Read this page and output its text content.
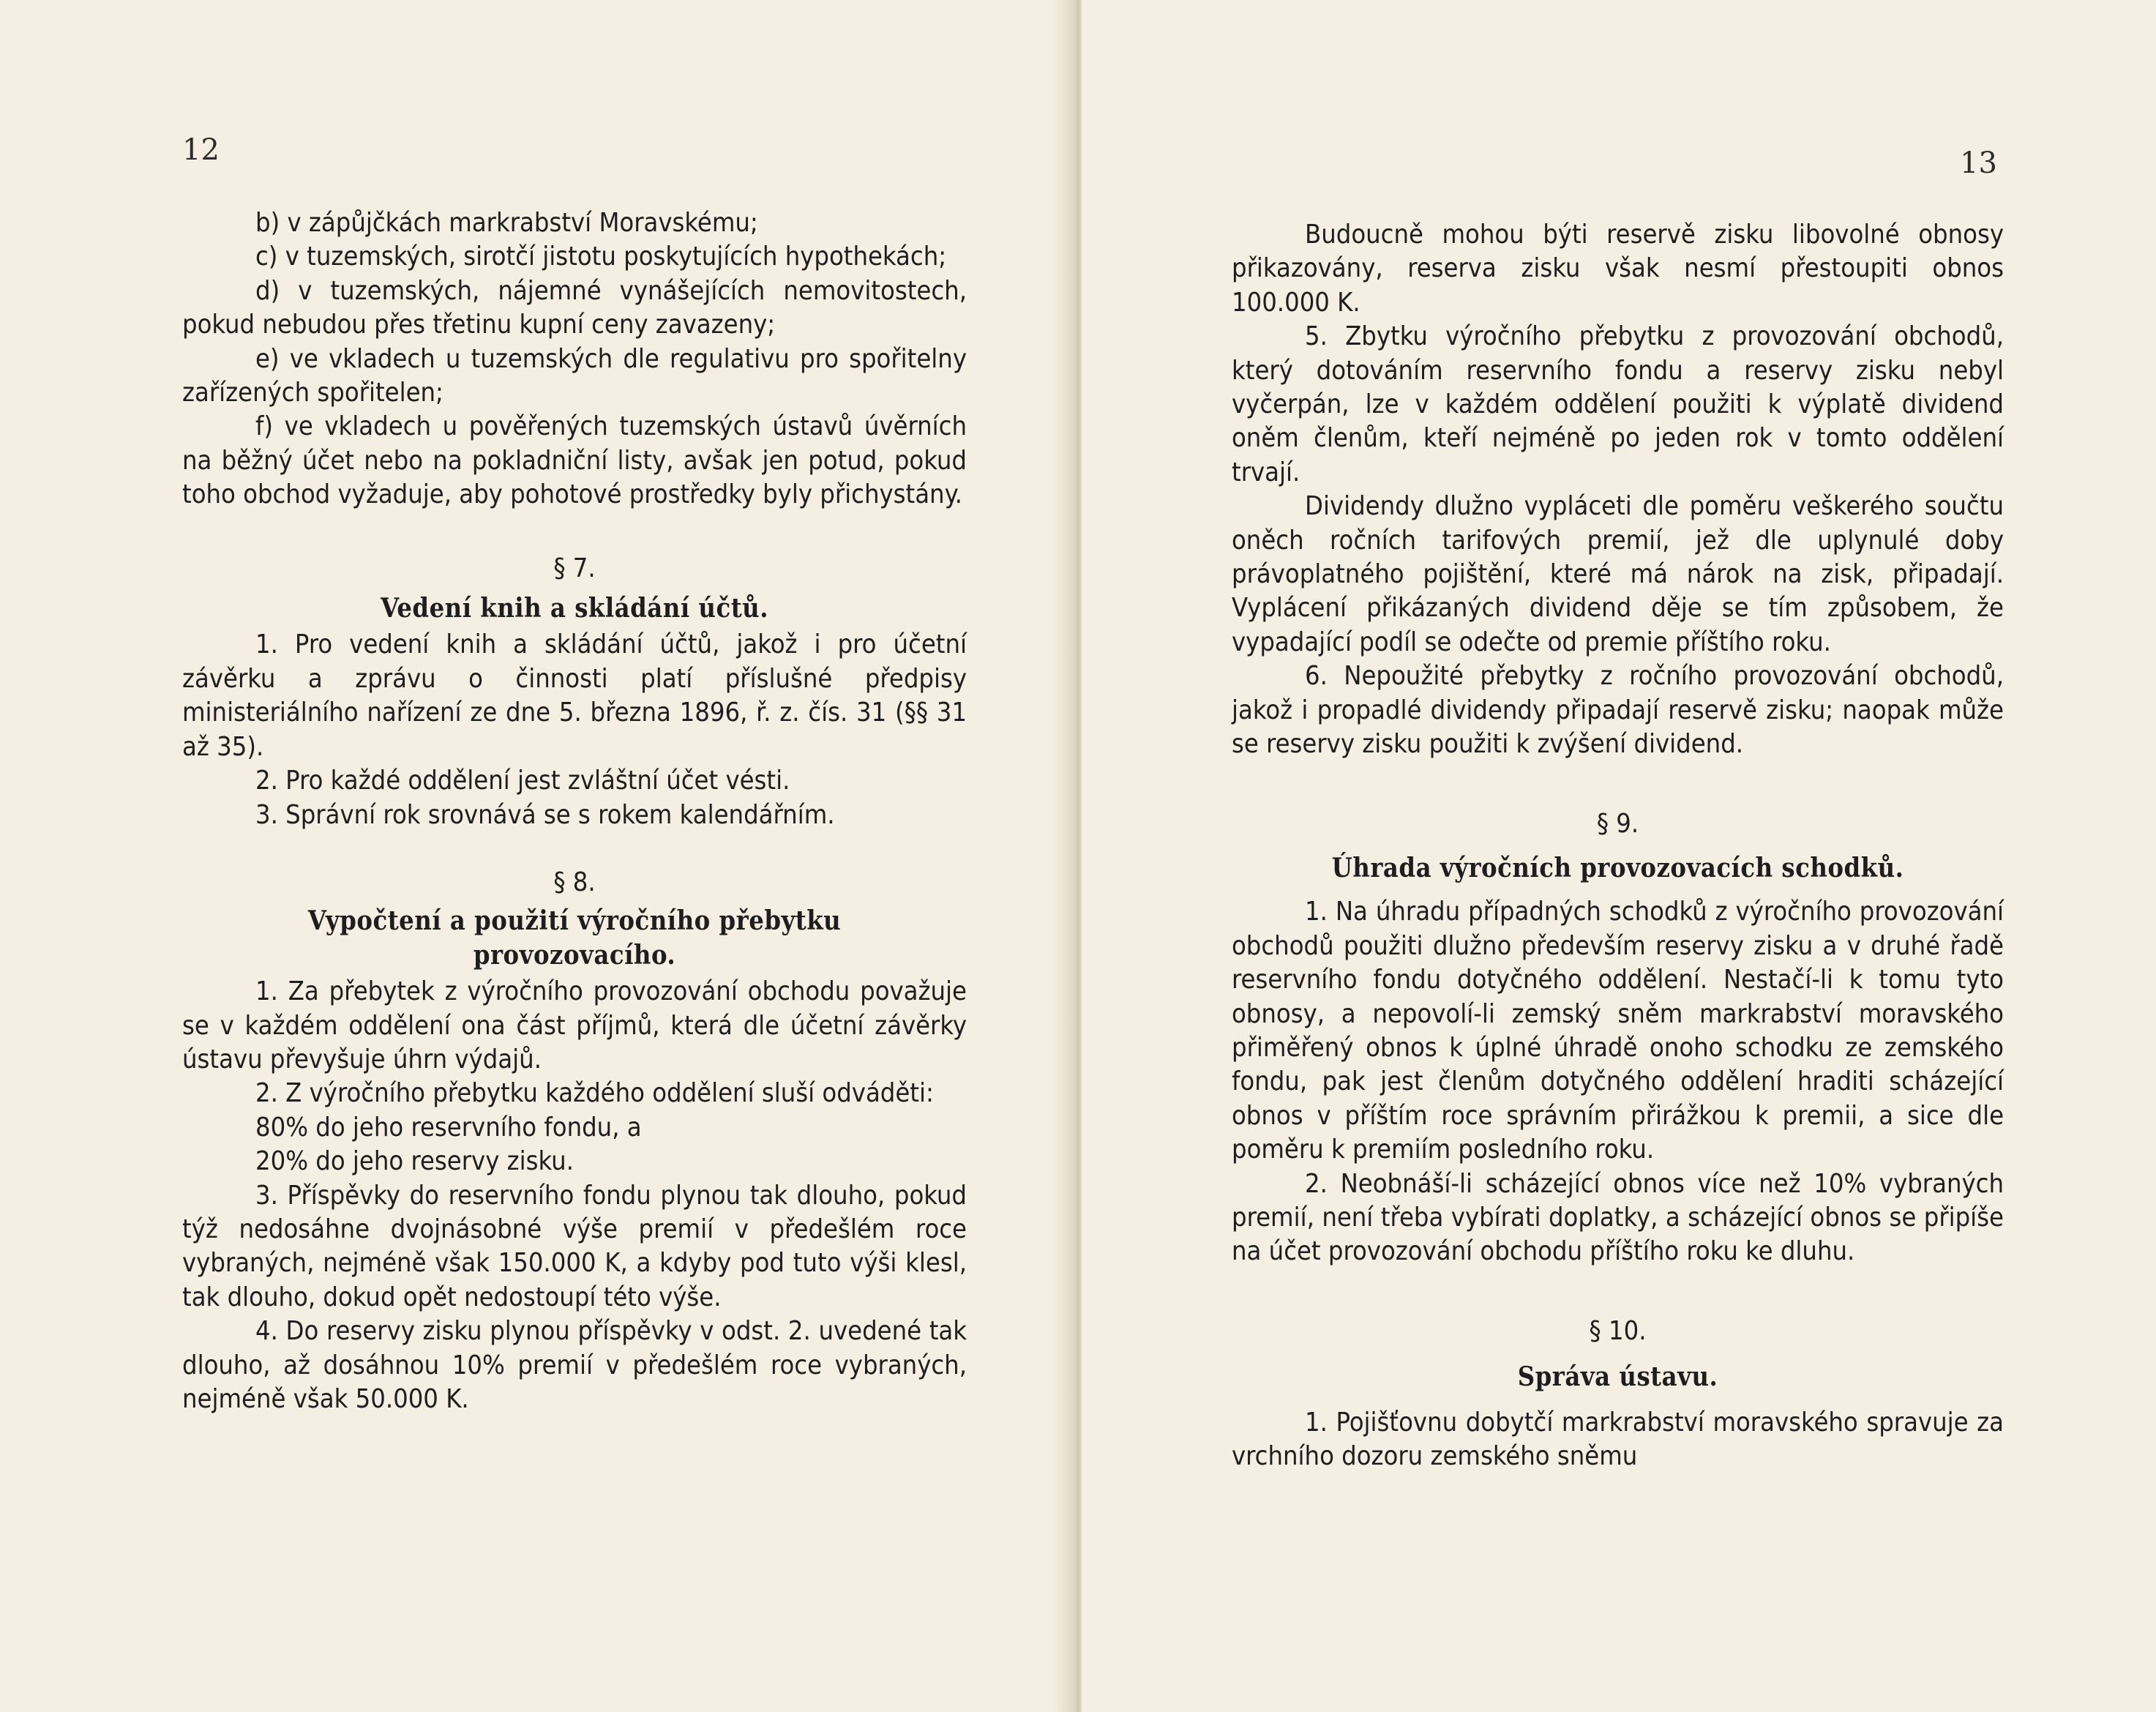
12

b) v zápůjčkách markrabství Moravskému;

c) v tuzemských, sirotčí jistotu poskytujících hypothekách;

d) v tuzemských, nájemné vynášejících nemovitostech, pokud nebudou přes třetinu kupní ceny zavazeny;

e) ve vkladech u tuzemských dle regulativu pro spořitelny zařízených spořitelen;

f) ve vkladech u pověřených tuzemských ústavů úvěrních na běžný účet nebo na pokladniční listy, avšak jen potud, pokud toho obchod vyžaduje, aby pohotové prostředky byly přichystány.

§ 7.

Vedení knih a skládání účtů.

1. Pro vedení knih a skládání účtů, jakož i pro účetní závěrku a zprávu o činnosti platí příslušné předpisy ministeriálního nařízení ze dne 5. března 1896, ř. z. čís. 31 (§§ 31 až 35).

2. Pro každé oddělení jest zvláštní účet vésti.

3. Správní rok srovnává se s rokem kalendářním.

§ 8.

Vypočtení a použití výročního přebytku provozovacího.

1. Za přebytek z výročního provozování obchodu považuje se v každém oddělení ona část příjmů, která dle účetní závěrky ústavu převyšuje úhrn výdajů.

2. Z výročního přebytku každého oddělení sluší odváděti:

80% do jeho reservního fondu, a

20% do jeho reservy zisku.

3. Příspěvky do reservního fondu plynou tak dlouho, pokud týž nedosáhne dvojnásobné výše premií v předešlém roce vybraných, nejméně však 150.000 K, a kdyby pod tuto výši klesl, tak dlouho, dokud opět nedostoupí této výše.

4. Do reservy zisku plynou příspěvky v odst. 2. uvedené tak dlouho, až dosáhnou 10% premií v předešlém roce vybraných, nejméně však 50.000 K.

13

Budoucně mohou býti reservě zisku libovolné obnosy přikazovány, reserva zisku však nesmí přestoupiti obnos 100.000 K.

5. Zbytku výročního přebytku z provozování obchodů, který dotováním reservního fondu a reservy zisku nebyl vyčerpán, lze v každém oddělení použiti k výplatě dividend oněm členům, kteří nejméně po jeden rok v tomto oddělení trvají.

Dividendy dlužno vypláceti dle poměru veškerého součtu oněch ročních tarifových premií, jež dle uplynulé doby právoplatného pojištění, které má nárok na zisk, připadají. Vyplácení přikázaných dividend děje se tím způsobem, že vypadající podíl se odečte od premie příštího roku.

6. Nepoužité přebytky z ročního provozování obchodů, jakož i propadlé dividendy připadají reservě zisku; naopak může se reservy zisku použiti k zvýšení dividend.

§ 9.

Úhrada výročních provozovacích schodků.

1. Na úhradu případných schodků z výročního provozování obchodů použiti dlužno především reservy zisku a v druhé řadě reservního fondu dotyčného oddělení. Nestačí-li k tomu tyto obnosy, a nepovolí-li zemský sněm markrabství moravského přiměřený obnos k úplné úhradě onoho schodku ze zemského fondu, pak jest členům dotyčného oddělení hraditi scházející obnos v příštím roce správním přirážkou k premii, a sice dle poměru k premiím posledního roku.

2. Neobnáší-li scházející obnos více než 10% vybraných premií, není třeba vybírati doplatky, a scházející obnos se připíše na účet provozování obchodu příštího roku ke dluhu.

§ 10.

Správa ústavu.

1. Pojišťovnu dobytčí markrabství moravského spravuje za vrchního dozoru zemského sněmu
